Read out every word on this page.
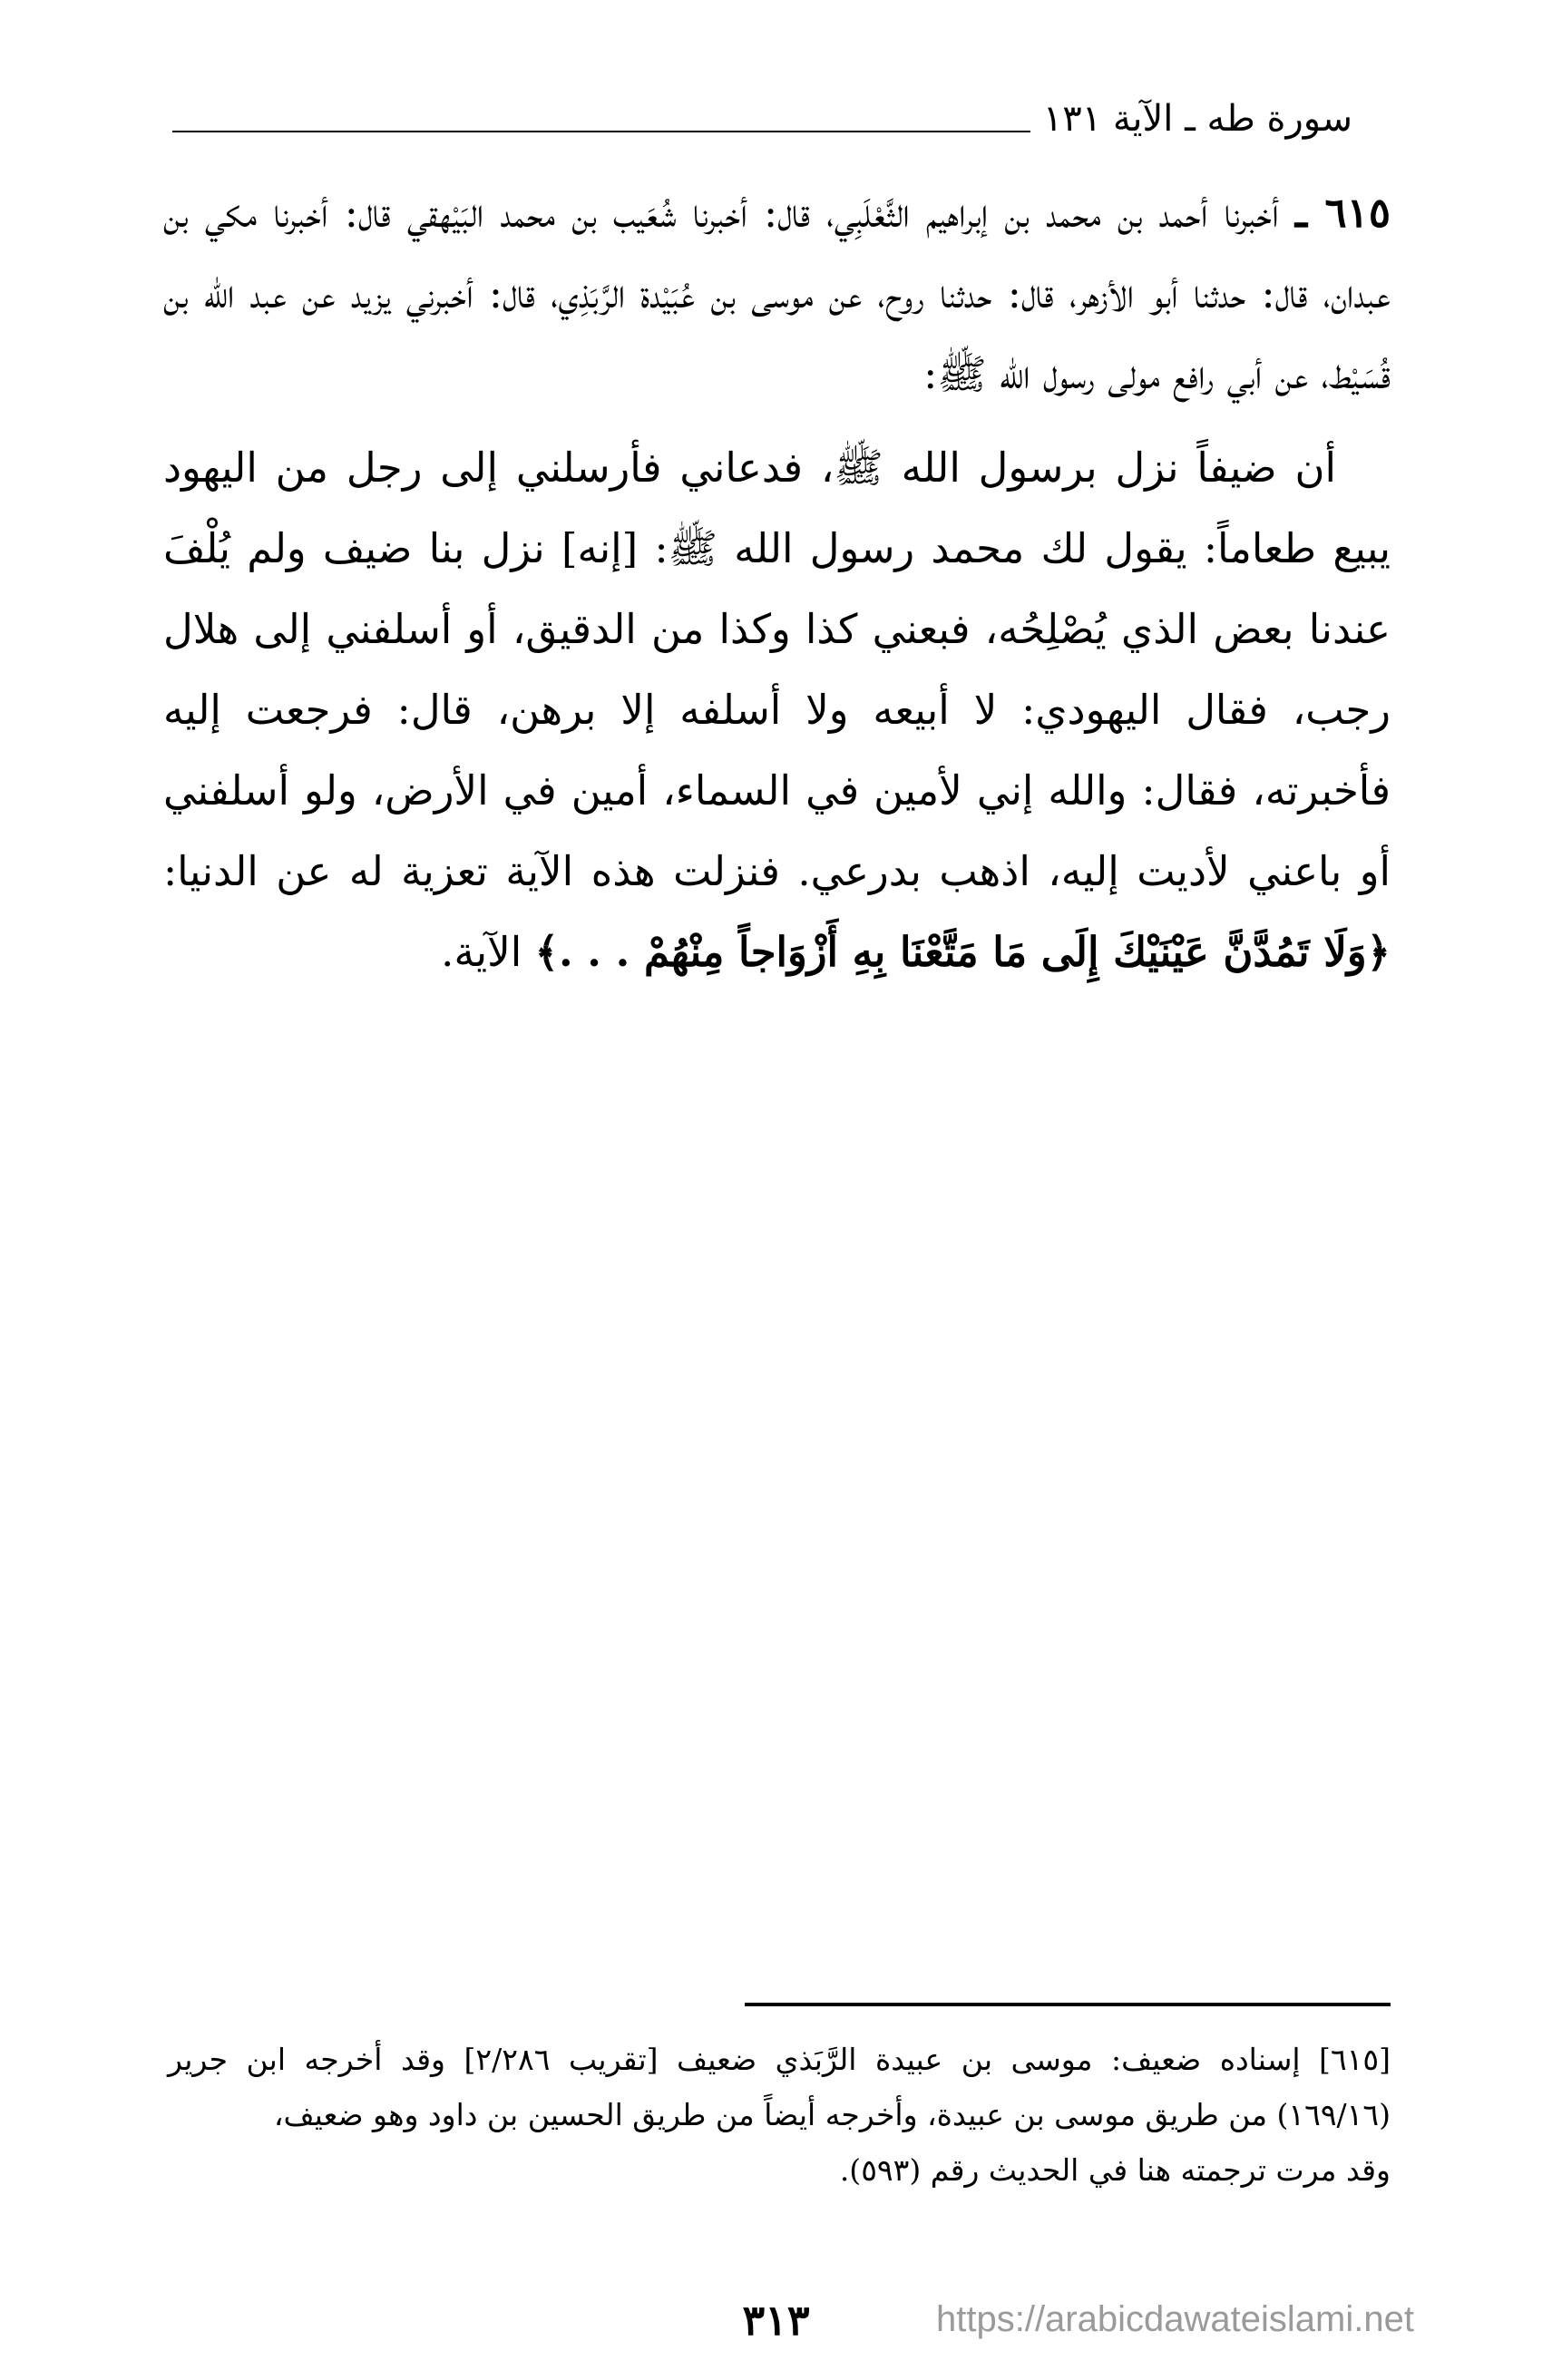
سورة طه ـ الآية ١٣١

٦١٥ ـ أخبرنا أحمد بن محمد بن إبراهيم الثَّعْلَبِي، قال: أخبرنا شُعَيب بن محمد البَيْهقي قال: أخبرنا مكي بن عبدان، قال: حدثنا أبو الأزهر، قال: حدثنا روح، عن موسى بن عُبَيْدة الرَّبَذِي، قال: أخبرني يزيد عن عبد الله بن قُسَيْط، عن أبي رافع مولى رسول الله ﷺ:

أن ضيفاً نزل برسول الله ﷺ، فدعاني فأرسلني إلى رجل من اليهود يبيع طعاماً: يقول لك محمد رسول الله ﷺ: [إنه] نزل بنا ضيف ولم يُلْفَ عندنا بعض الذي يُصْلِحُه، فبعني كذا وكذا من الدقيق، أو أسلفني إلى هلال رجب، فقال اليهودي: لا أبيعه ولا أسلفه إلا برهن، قال: فرجعت إليه فأخبرته، فقال: والله إني لأمين في السماء، أمين في الأرض، ولو أسلفني أو باعني لأديت إليه، اذهب بدرعي. فنزلت هذه الآية تعزية له عن الدنيا: ﴿وَلَا تَمُدَّنَّ عَيْنَيْكَ إِلَى مَا مَتَّعْنَا بِهِ أَزْوَاجاً مِنْهُمْ . . .﴾ الآية.

[٦١٥] إسناده ضعيف: موسى بن عبيدة الرَّبَذي ضعيف [تقريب ٢/٢٨٦] وقد أخرجه ابن جرير (١٦٩/١٦) من طريق موسى بن عبيدة، وأخرجه أيضاً من طريق الحسين بن داود وهو ضعيف،

وقد مرت ترجمته هنا في الحديث رقم (٥٩٣).

٣١٣	https://arabicdawateislami.net
